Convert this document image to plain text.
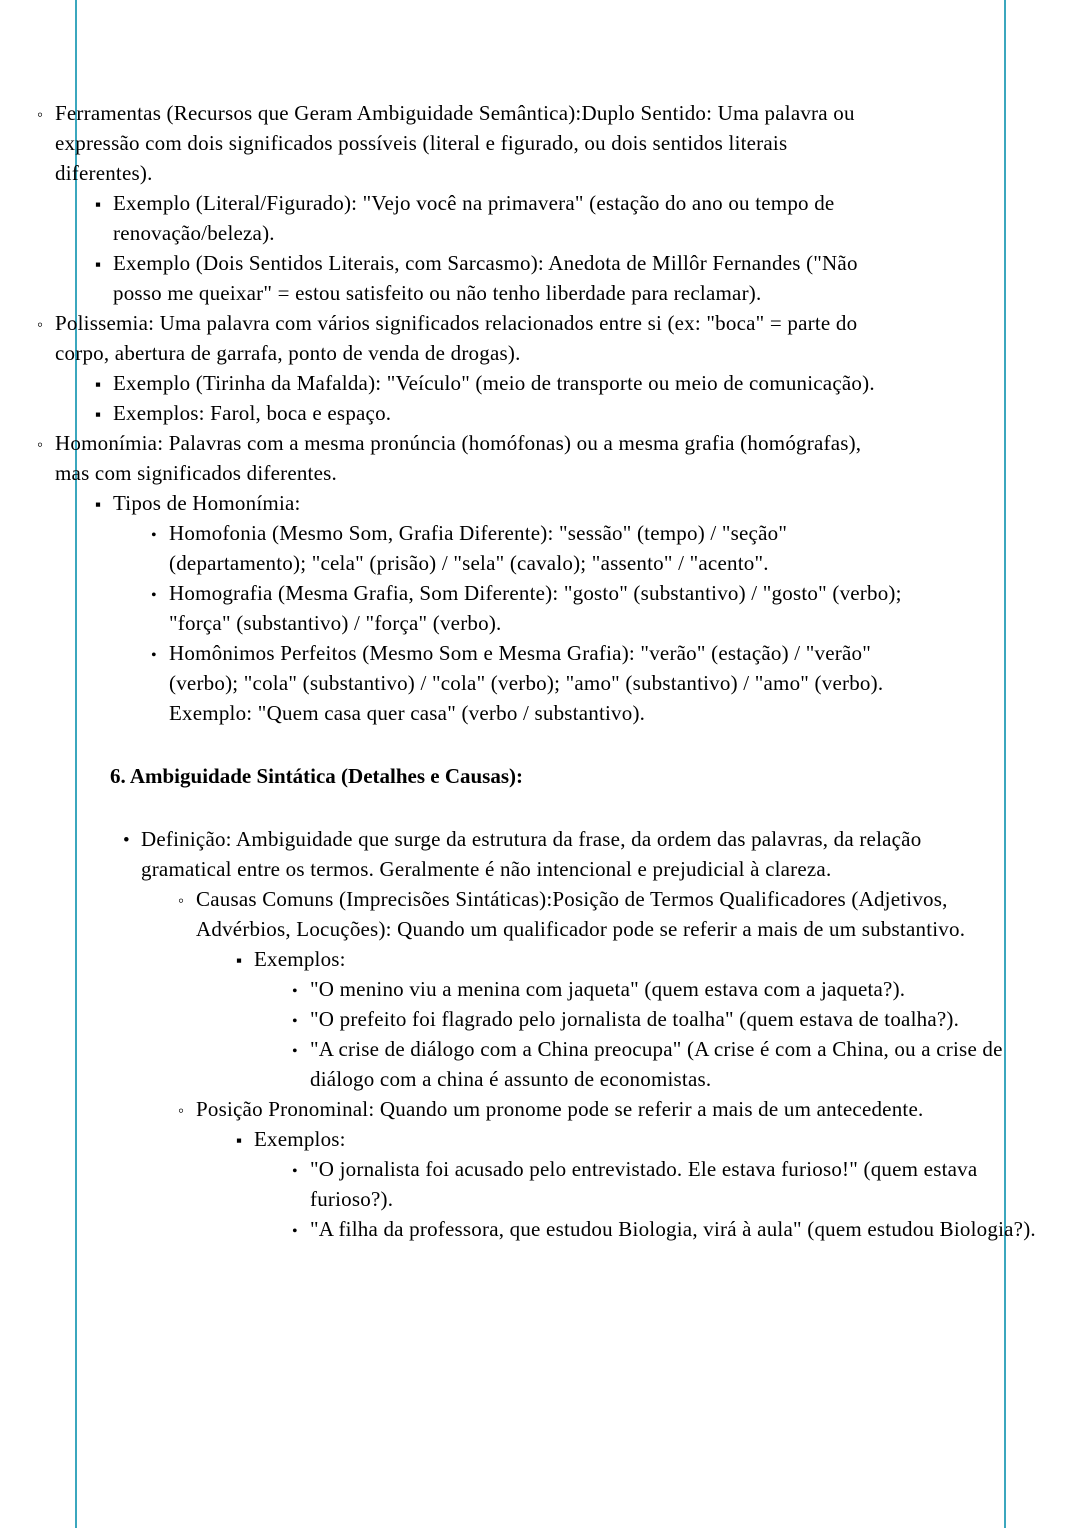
◦
Ferramentas (Recursos que Geram Ambiguidade Semântica):Duplo Sentido: Uma palavra ou expressão com dois significados possíveis (literal e figurado, ou dois sentidos literais diferentes).
▪
Exemplo (Literal/Figurado): "Vejo você na primavera" (estação do ano ou tempo de renovação/beleza).
▪
Exemplo (Dois Sentidos Literais, com Sarcasmo): Anedota de Millôr Fernandes ("Não posso me queixar" = estou satisfeito ou não tenho liberdade para reclamar).
◦
Polissemia: Uma palavra com vários significados relacionados entre si (ex: "boca" = parte do corpo, abertura de garrafa, ponto de venda de drogas).
▪
Exemplo (Tirinha da Mafalda): "Veículo" (meio de transporte ou meio de comunicação).
▪
Exemplos: Farol, boca e espaço.
◦
Homonímia: Palavras com a mesma pronúncia (homófonas) ou a mesma grafia (homógrafas), mas com significados diferentes.
▪
Tipos de Homonímia:
•
Homofonia (Mesmo Som, Grafia Diferente): "sessão" (tempo) / "seção" (departamento); "cela" (prisão) / "sela" (cavalo); "assento" / "acento".
•
Homografia (Mesma Grafia, Som Diferente): "gosto" (substantivo) / "gosto" (verbo); "força" (substantivo) / "força" (verbo).
•
Homônimos Perfeitos (Mesmo Som e Mesma Grafia): "verão" (estação) / "verão" (verbo); "cola" (substantivo) / "cola" (verbo); "amo" (substantivo) / "amo" (verbo). Exemplo: "Quem casa quer casa" (verbo / substantivo).
6. Ambiguidade Sintática (Detalhes e Causas):
•
Definição: Ambiguidade que surge da estrutura da frase, da ordem das palavras, da relação gramatical entre os termos. Geralmente é não intencional e prejudicial à clareza.
◦
Causas Comuns (Imprecisões Sintáticas):Posição de Termos Qualificadores (Adjetivos, Advérbios, Locuções): Quando um qualificador pode se referir a mais de um substantivo.
▪
Exemplos:
•
"O menino viu a menina com jaqueta" (quem estava com a jaqueta?).
•
"O prefeito foi flagrado pelo jornalista de toalha" (quem estava de toalha?).
•
"A crise de diálogo com a China preocupa" (A crise é com a China, ou a crise de diálogo com a china é assunto de economistas.
◦
Posição Pronominal: Quando um pronome pode se referir a mais de um antecedente.
▪
Exemplos:
•
"O jornalista foi acusado pelo entrevistado. Ele estava furioso!" (quem estava furioso?).
•
"A filha da professora, que estudou Biologia, virá à aula" (quem estudou Biologia?).
